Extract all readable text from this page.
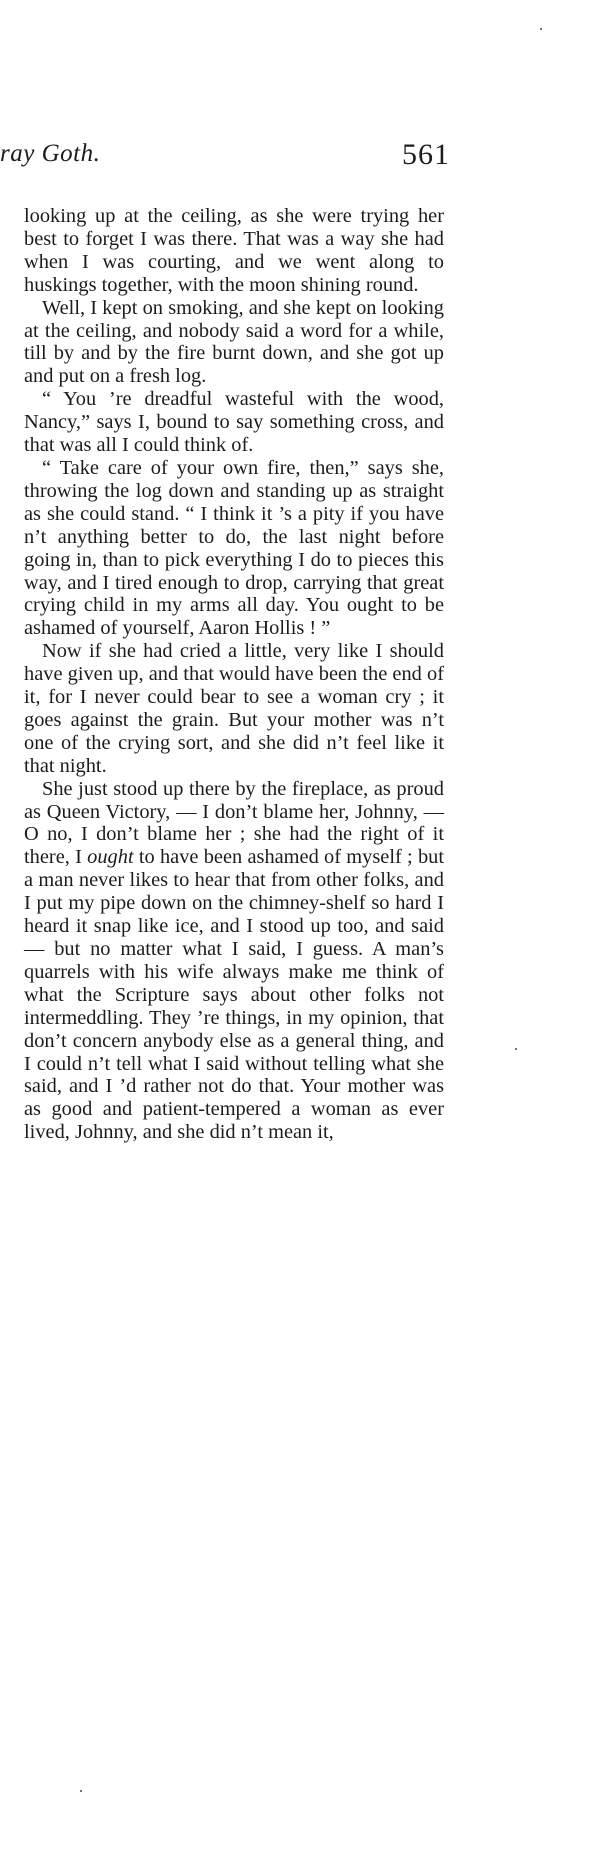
ray Goth.	561

looking up at the ceiling, as she were trying her best to forget I was there. That was a way she had when I was courting, and we went along to huskings together, with the moon shining round.

Well, I kept on smoking, and she kept on looking at the ceiling, and nobody said a word for a while, till by and by the fire burnt down, and she got up and put on a fresh log.

“ You ’re dreadful wasteful with the wood, Nancy,” says I, bound to say something cross, and that was all I could think of.

“ Take care of your own fire, then,” says she, throwing the log down and standing up as straight as she could stand. “ I think it ’s a pity if you have n’t anything better to do, the last night before going in, than to pick everything I do to pieces this way, and I tired enough to drop, carrying that great crying child in my arms all day. You ought to be ashamed of yourself, Aaron Hollis ! ”

Now if she had cried a little, very like I should have given up, and that would have been the end of it, for I never could bear to see a woman cry ; it goes against the grain. But your mother was n’t one of the crying sort, and she did n’t feel like it that night.

She just stood up there by the fireplace, as proud as Queen Victory, — I don’t blame her, Johnny, — O no, I don’t blame her ; she had the right of it there, I ought to have been ashamed of myself ; but a man never likes to hear that from other folks, and I put my pipe down on the chimney-shelf so hard I heard it snap like ice, and I stood up too, and said — but no matter what I said, I guess. A man’s quarrels with his wife always make me think of what the Scripture says about other folks not intermeddling. They ’re things, in my opinion, that don’t concern anybody else as a general thing, and I could n’t tell what I said without telling what she said, and I ’d rather not do that. Your mother was as good and patient-tempered a woman as ever lived, Johnny, and she did n’t mean it,
